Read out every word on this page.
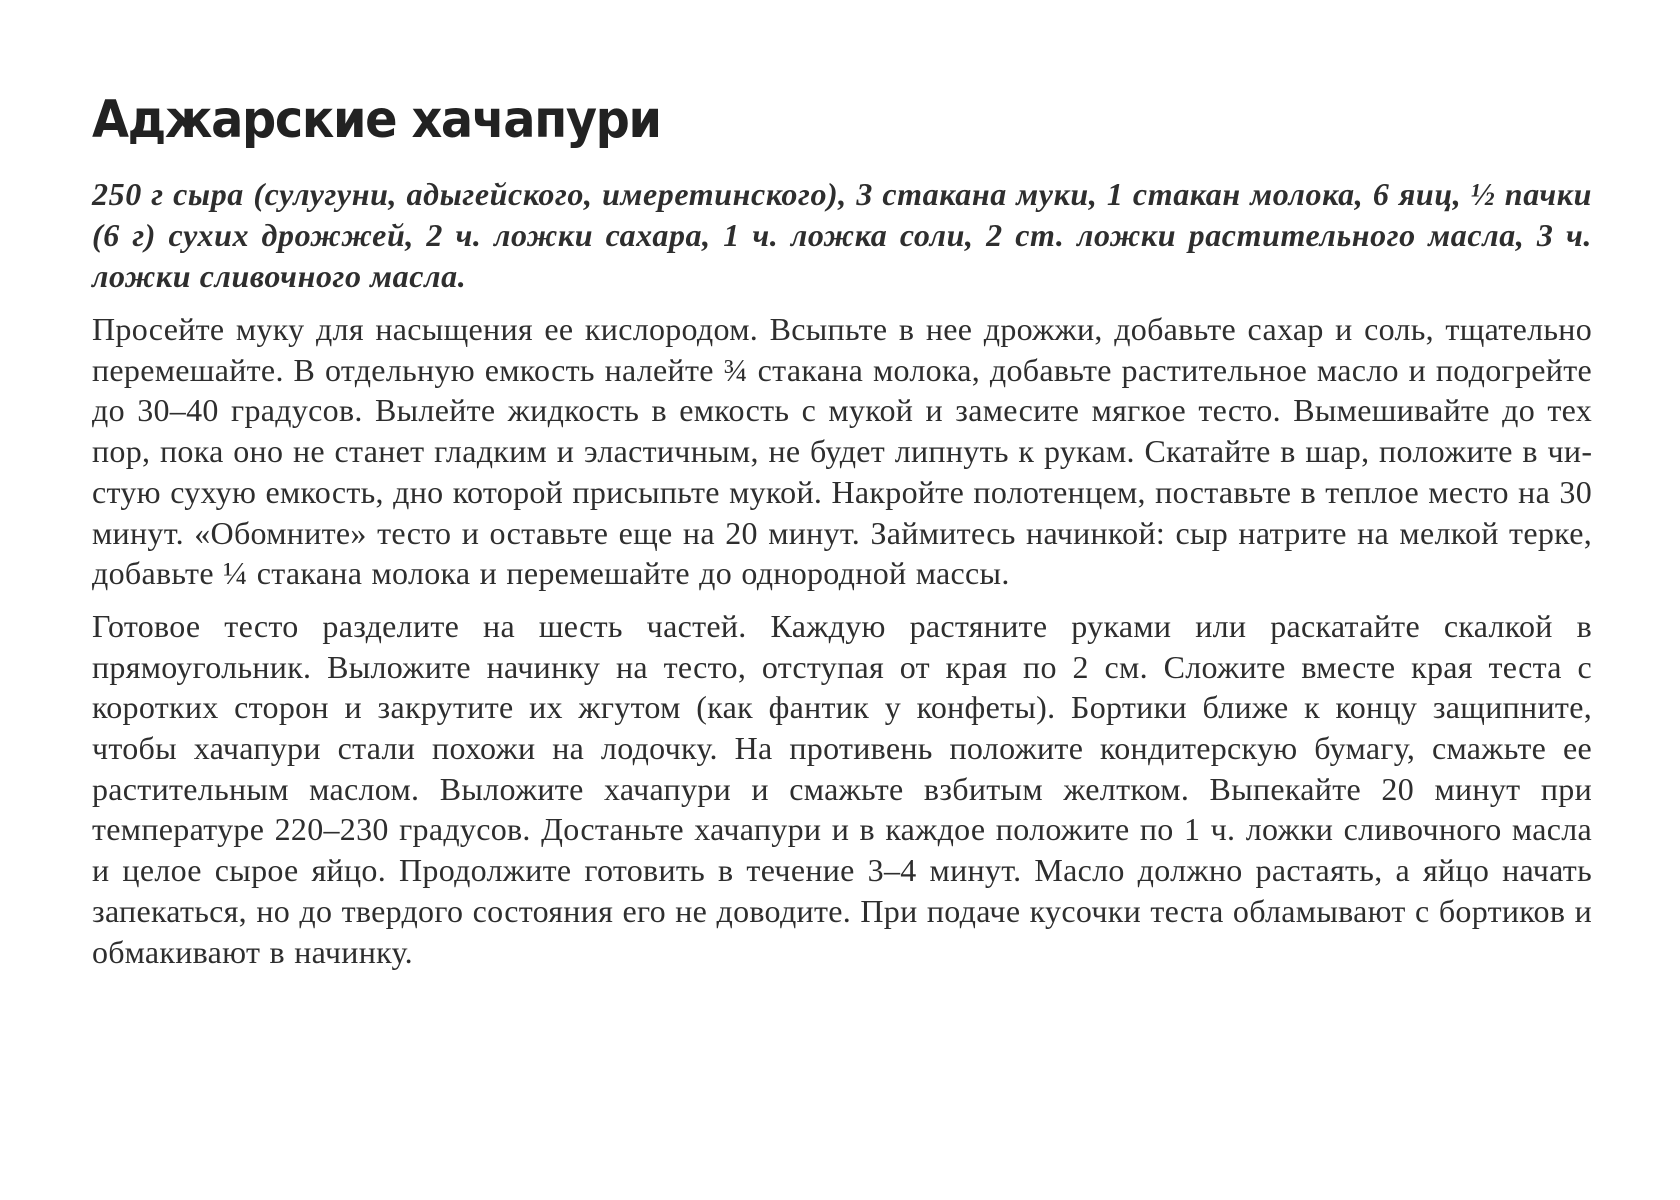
Аджарские хачапури

250 г сыра (сулугуни, адыгейского, имеретинского), 3 стакана муки, 1 стакан молока, 6 яиц, ½ пачки (6 г) сухих дрожжей, 2 ч. ложки сахара, 1 ч. ложка соли, 2 ст. ложки растительного масла, 3 ч. ложки сливочного масла.

Просейте муку для насыщения ее кислородом. Всыпьте в нее дрожжи, добавьте сахар и соль, тщательно перемешайте. В отдельную емкость налейте ¾ стакана молока, добавьте растительное масло и подогрейте до 30–40 градусов. Вылейте жидкость в емкость с мукой и замесите мягкое тесто. Вымешивайте до тех пор, пока оно не станет гладким и эластичным, не будет липнуть к рукам. Скатайте в шар, положите в чистую сухую емкость, дно которой присыпьте мукой. Накройте полотенцем, поставьте в теплое место на 30 минут. «Обомните» тесто и оставьте еще на 20 минут. Займитесь начинкой: сыр натрите на мелкой терке, добавьте ¼ стакана молока и перемешайте до однородной массы.

Готовое тесто разделите на шесть частей. Каждую растяните руками или раскатайте скалкой в прямоугольник. Выложите начинку на тесто, отступая от края по 2 см. Сложите вместе края теста с коротких сторон и закрутите их жгутом (как фантик у конфеты). Бортики ближе к концу защипните, чтобы хачапури стали похожи на лодочку. На противень положите кондитерскую бумагу, смажьте ее растительным маслом. Выложите хачапури и смажьте взбитым желтком. Выпекайте 20 минут при температуре 220–230 градусов. Достаньте хачапури и в каждое положите по 1 ч. ложки сливочного масла и целое сырое яйцо. Продолжите готовить в течение 3–4 минут. Масло должно растаять, а яйцо начать запекаться, но до твердого состояния его не доводите. При подаче кусочки теста обламывают с бортиков и обмакивают в начинку.
